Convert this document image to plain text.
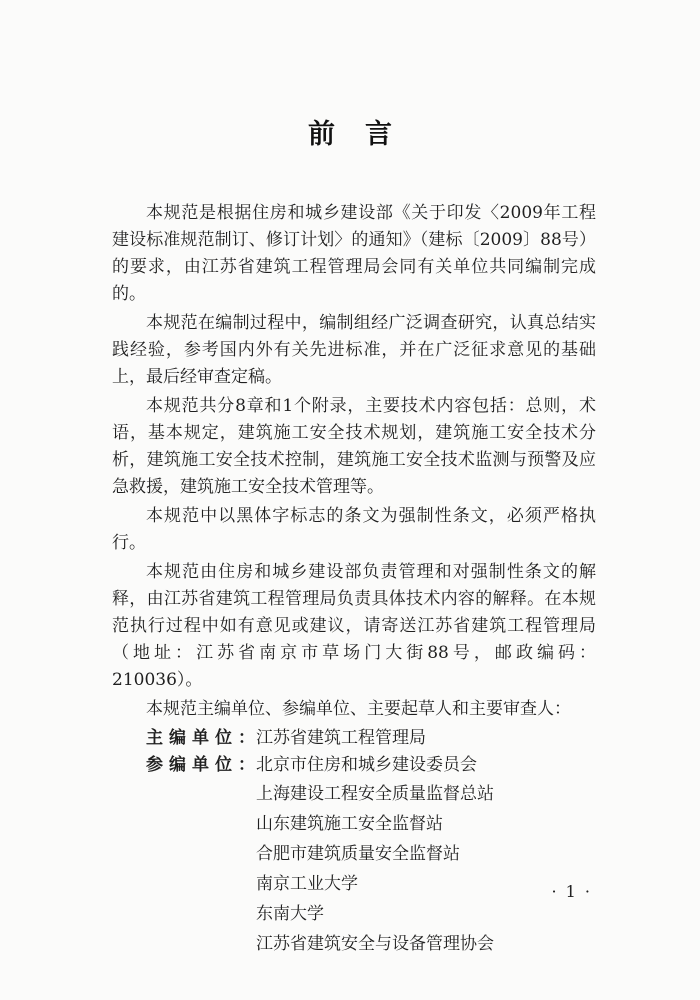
前言

本规范是根据住房和城乡建设部《关于印发〈2009年工程建设标准规范制订、修订计划〉的通知》（建标〔2009〕88号）的要求，由江苏省建筑工程管理局会同有关单位共同编制完成的。

本规范在编制过程中，编制组经广泛调查研究，认真总结实践经验，参考国内外有关先进标准，并在广泛征求意见的基础上，最后经审查定稿。

本规范共分8章和1个附录，主要技术内容包括：总则，术语，基本规定，建筑施工安全技术规划，建筑施工安全技术分析，建筑施工安全技术控制，建筑施工安全技术监测与预警及应急救援，建筑施工安全技术管理等。

本规范中以黑体字标志的条文为强制性条文，必须严格执行。

本规范由住房和城乡建设部负责管理和对强制性条文的解释，由江苏省建筑工程管理局负责具体技术内容的解释。在本规范执行过程中如有意见或建议，请寄送江苏省建筑工程管理局（地址：江苏省南京市草场门大街88号，邮政编码：210036）。

本规范主编单位、参编单位、主要起草人和主要审查人：

主编单位：江苏省建筑工程管理局
参编单位：北京市住房和城乡建设委员会
上海建设工程安全质量监督总站
山东建筑施工安全监督站
合肥市建筑质量安全监督站
南京工业大学
东南大学
江苏省建筑安全与设备管理协会
· 1 ·
